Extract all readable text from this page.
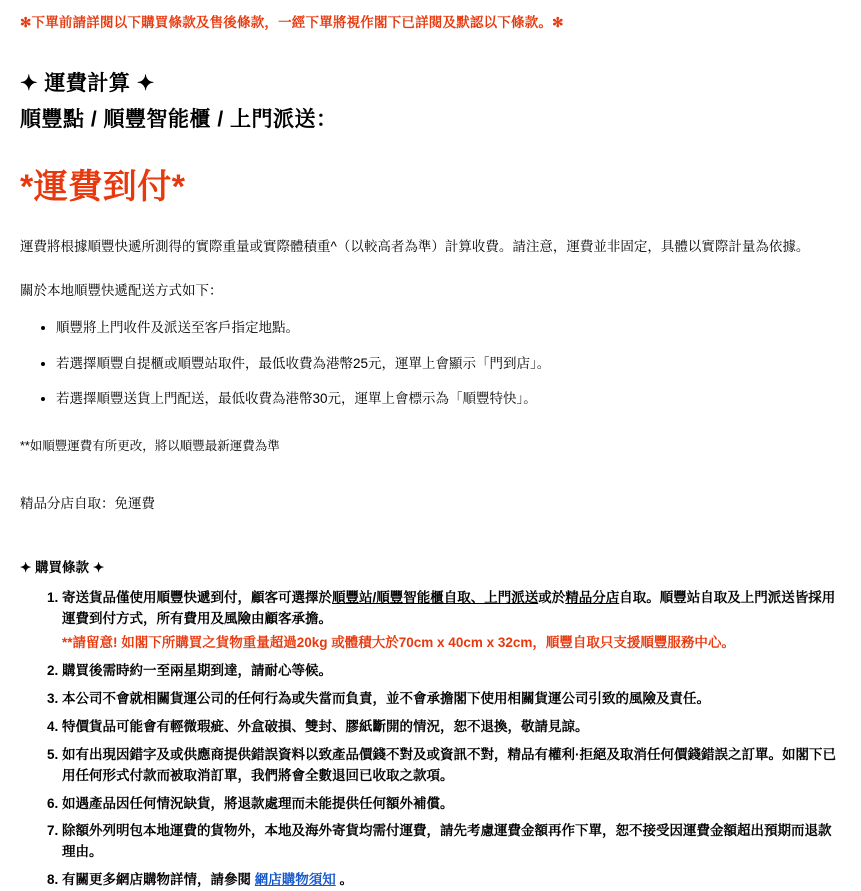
✻下單前請詳閱以下購買條款及售後條款，一經下單將視作閣下已詳閱及默認以下條款。✻

✦ 運費計算 ✦
順豐點 / 順豐智能櫃 / 上門派送：

*運費到付*

運費將根據順豐快遞所測得的實際重量或實際體積重^（以較高者為準）計算收費。請注意，運費並非固定，具體以實際計量為依據。

關於本地順豐快遞配送方式如下：

• 順豐將上門收件及派送至客戶指定地點。
• 若選擇順豐自提櫃或順豐站取件，最低收費為港幣25元，運單上會顯示「門到店」。
• 若選擇順豐送貨上門配送，最低收費為港幣30元，運單上會標示為「順豐特快」。

**如順豐運費有所更改，將以順豐最新運費為準

精品分店自取：免運費

✦ 購買條款 ✦

1. 寄送貨品僅使用順豐快遞到付，顧客可選擇於順豐站/順豐智能櫃自取、上門派送或於精品分店自取。順豐站自取及上門派送皆採用運費到付方式，所有費用及風險由顧客承擔。
**請留意! 如閣下所購買之貨物重量超過20kg 或體積大於70cm x 40cm x 32cm，順豐自取只支援順豐服務中心。
2. 購買後需時約一至兩星期到達，請耐心等候。
3. 本公司不會就相關貨運公司的任何行為或失當而負責，並不會承擔閣下使用相關貨運公司引致的風險及責任。
4. 特價貨品可能會有輕微瑕疵、外盒破損、雙封、膠紙斷開的情況，恕不退換，敬請見諒。
5. 如有出現因錯字及或供應商提供錯誤資料以致產品價錢不對及或資訊不對，精品有權利·拒絕及取消任何價錢錯誤之訂單。如閣下已用任何形式付款而被取消訂單，我們將會全數退回已收取之款項。
6. 如遇產品因任何情況缺貨，將退款處理而未能提供任何額外補償。
7. 除額外列明包本地運費的貨物外，本地及海外寄貨均需付運費，請先考慮運費金額再作下單，恕不接受因運費金額超出預期而退款理由。
8. 有關更多網店購物詳情，請參閱 網店購物須知 。
